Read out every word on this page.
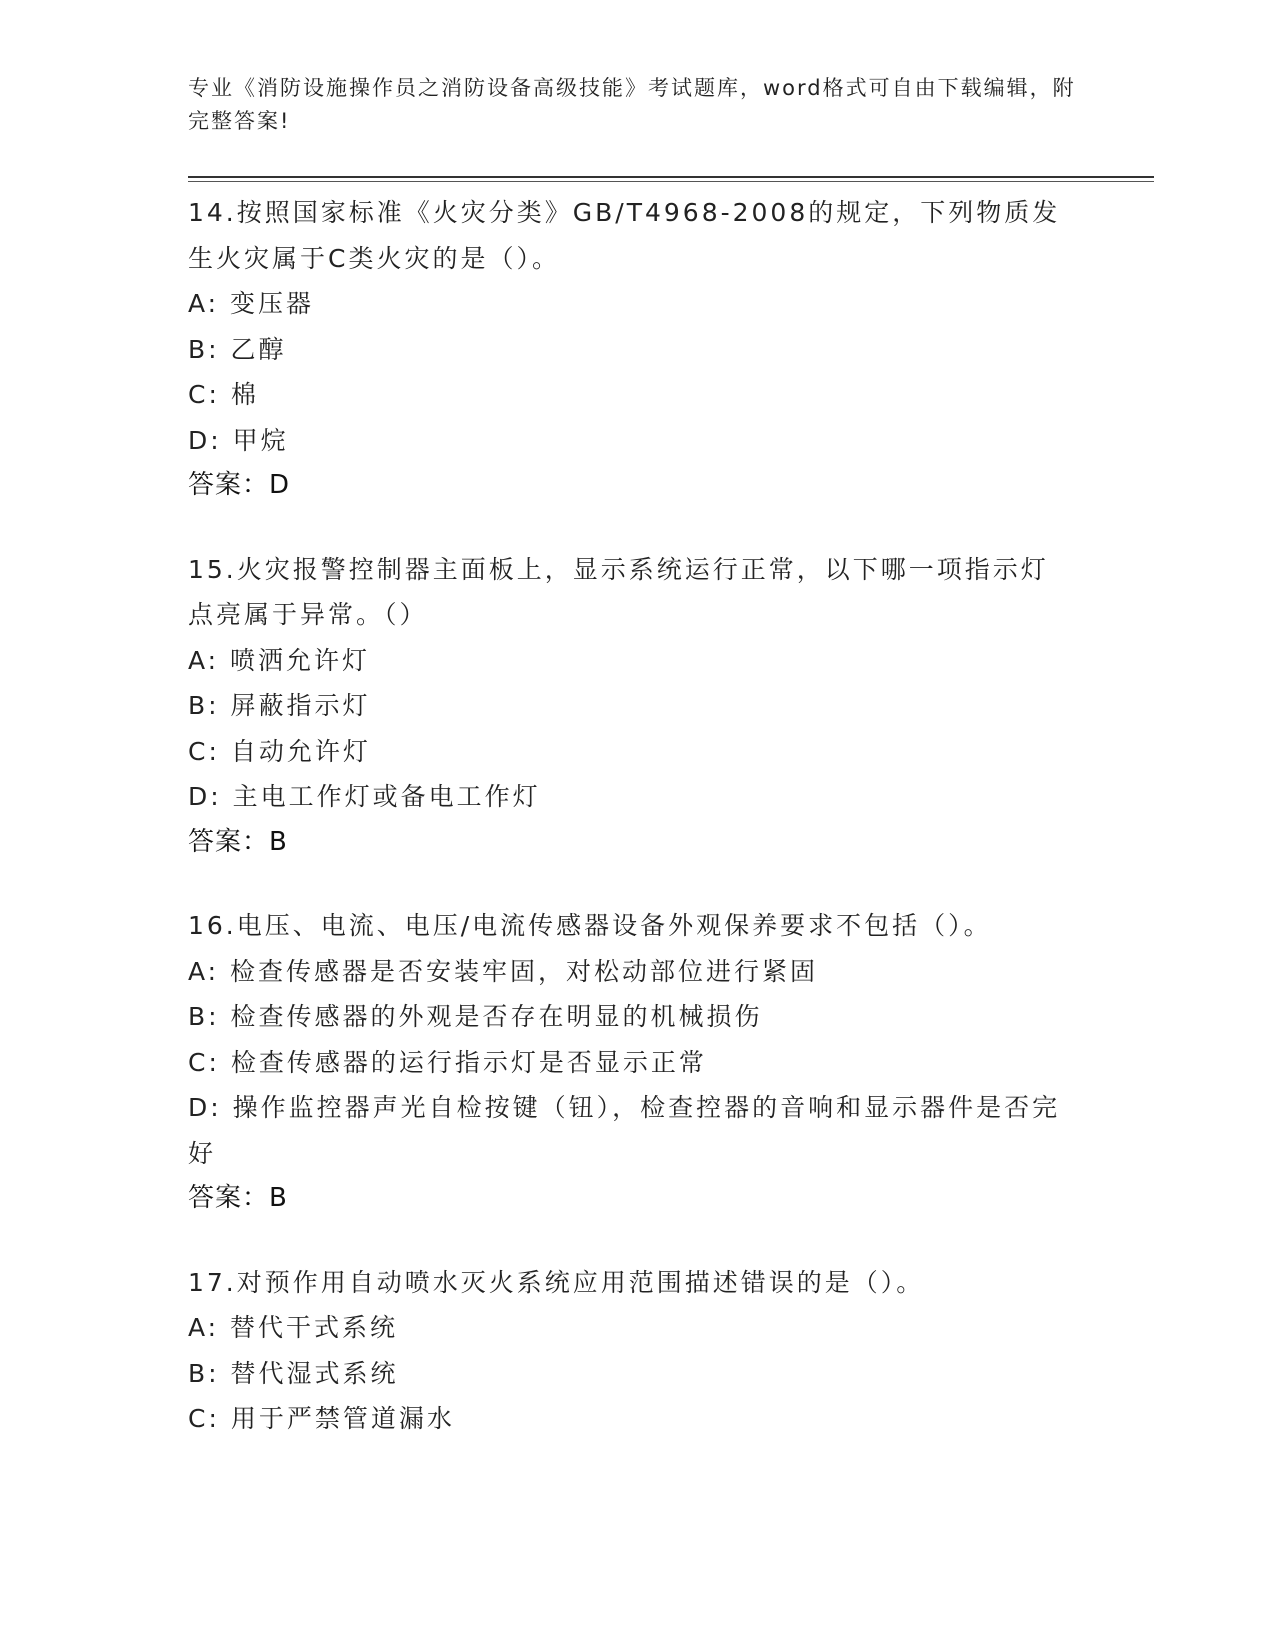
专业《消防设施操作员之消防设备高级技能》考试题库，word格式可自由下载编辑，附完整答案!
14.按照国家标准《火灾分类》GB/T4968-2008的规定，下列物质发生火灾属于C类火灾的是（）。
A: 变压器
B: 乙醇
C: 棉
D: 甲烷
答案：D
15.火灾报警控制器主面板上，显示系统运行正常，以下哪一项指示灯点亮属于异常。（）
A: 喷洒允许灯
B: 屏蔽指示灯
C: 自动允许灯
D: 主电工作灯或备电工作灯
答案：B
16.电压、电流、电压/电流传感器设备外观保养要求不包括（）。
A: 检查传感器是否安装牢固，对松动部位进行紧固
B: 检查传感器的外观是否存在明显的机械损伤
C: 检查传感器的运行指示灯是否显示正常
D: 操作监控器声光自检按键（钮），检查控器的音响和显示器件是否完好
答案：B
17.对预作用自动喷水灭火系统应用范围描述错误的是（）。
A: 替代干式系统
B: 替代湿式系统
C: 用于严禁管道漏水
